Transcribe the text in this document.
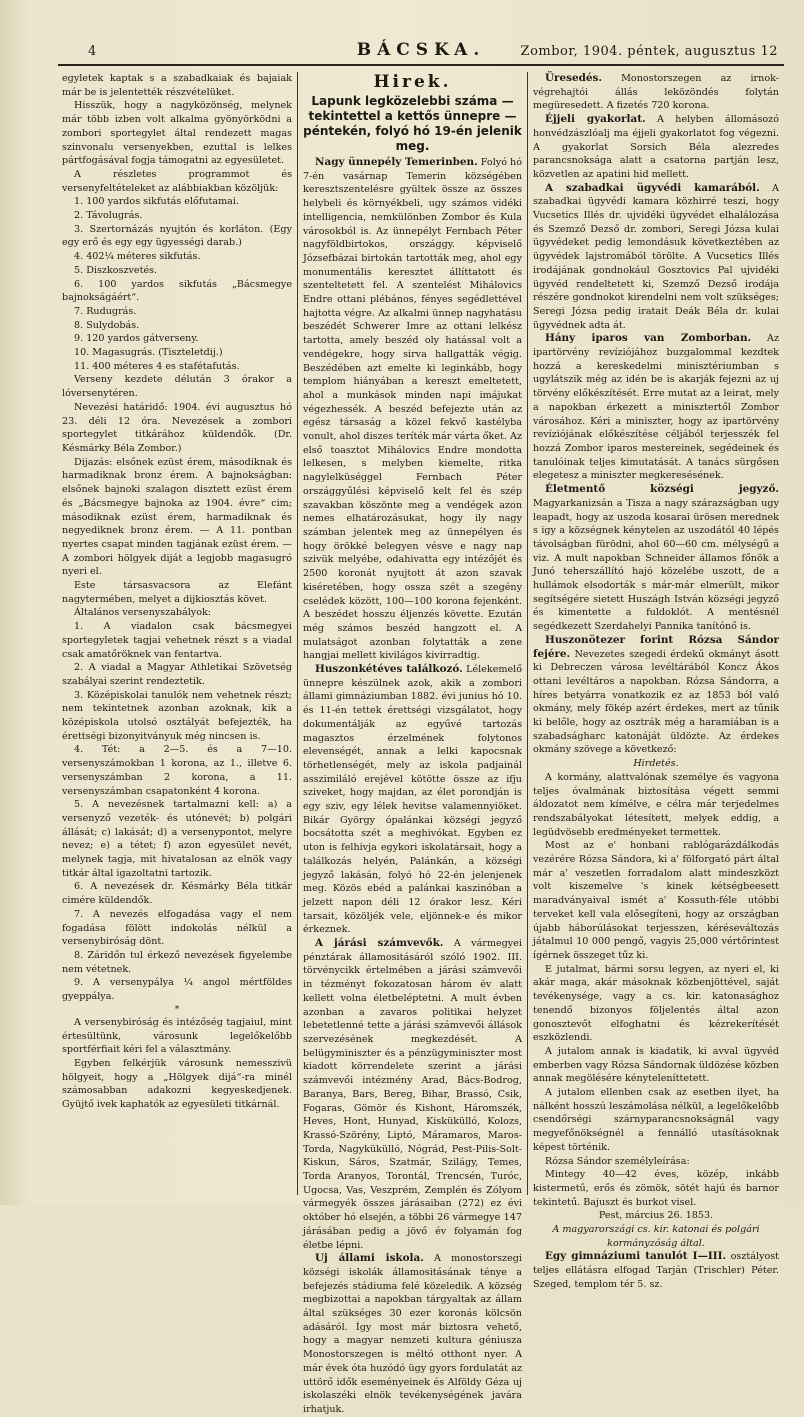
4	BÁCSKA.	Zombor, 1904. péntek, augusztus 12

egyletek kaptak s a szabadkaiak és bajaiak már be is jelentették részvételüket.

Hisszük, hogy a nagyközönség, melynek már több izben volt alkalma gyönyörködni a zombori sportegylet által rendezett magas szinvonalu versenyekben, ezuttal is lelkes pártfogásával fogja támogatni az egyesületet.

A részletes programmot és versenyfeltételeket az alábbiakban közöljük:

1. 100 yardos sikfutás előfutamai.

2. Távolugrás.

3. Szertornázás nyujtón és korláton. (Egy egy erő és egy egy ügyességi darab.)

4. 402¼ méteres sikfutás.

5. Diszkoszvetés.

6. 100 yardos sikfutás „Bácsmegye bajnokságáért“.

7. Rudugrás.

8. Sulydobás.

9. 120 yardos gátverseny.

10. Magasugrás. (Tiszteletdij.)

11. 400 méteres 4 es stafétafutás.

Verseny kezdete délután 3 órakor a lóversenytéren.

Nevezési határidő: 1904. évi augusztus hó 23. déli 12 óra. Nevezések a zombori sportegylet titkárához küldendők. (Dr. Késmárky Béla Zombor.)

Dijazás: elsőnek ezüst érem, másodiknak és harmadiknak bronz érem. A bajnokságban: elsőnek bajnoki szalagon disztett ezüst érem és „Bácsmegye bajnoka az 1904. évre“ cim; másodiknak ezüst érem, harmadiknak és negyediknek bronz érem. — A 11. pontban nyertes csapat minden tagjának ezüst érem. — A zombori hölgyek diját a legjobb magasugró nyeri el.

Este társasvacsora az Elefánt nagytermében, melyet a dijkiosztás követ.

Általános versenyszabályok:

1. A viadalon csak bácsmegyei sportegyletek tagjai vehetnek részt s a viadal csak amatőröknek van fentartva.

2. A viadal a Magyar Athletikai Szövetség szabályai szerint rendeztetik.

3. Középiskolai tanulók nem vehetnek részt; nem tekintetnek azonban azoknak, kik a középiskola utolsó osztályát befejezték, ha érettségi bizonyitványuk még nincsen is.

4. Tét: a 2—5. és a 7—10. versenyszámokban 1 korona, az 1., illetve 6. versenyszámban 2 korona, a 11. versenyszámban csapatonként 4 korona.

5. A nevezésnek tartalmazni kell: a) a versenyző vezeték- és utónevét; b) polgári állását; c) lakását; d) a versenypontot, melyre nevez; e) a tétet; f) azon egyesület nevét, melynek tagja, mit hivatalosan az elnök vagy titkár által igazoltatni tartozik.

6. A nevezések dr. Késmárky Béla titkár cimére küldendők.

7. A nevezés elfogadása vagy el nem fogadása fölött indokolás nélkül a versenybiróság dönt.

8. Záridőn tul érkező nevezések figyelembe nem vétetnek.

9. A versenypálya ¼ angol mértföldes gyeppálya.

*

A versenybiróság és intézőség tagjaiul, mint értesültünk, városunk legelőkelőbb sportférfiait kéri fel a választmány.

Egyben felkérjük városunk nemesszivü hölgyeit, hogy a „Hölgyek dijá“-ra minél számosabban adakozni kegyeskedjenek. Gyüjtő ivek kaphatók az egyesületi titkárnál.

Hirek.
Lapunk legközelebbi száma — tekintettel a kettős ünnepre — péntekén, folyó hó 19-én jelenik meg.

Nagy ünnepély Temerinben. Folyó hó 7-én vasárnap Temerin községében keresztszentelésre gyültek össze az összes helybeli és környékbeli, ugy számos vidéki intelligencia, nemkülönben Zombor és Kula városokból is. Az ünnepélyt Fernbach Péter nagyföldbirtokos, országgy. képviselő Józsefbázai birtokán tartották meg, ahol egy monumentális keresztet állíttatott és szenteltetett fel. A szentelést Mihálovics Endre ottani plébános, fényes segédlettével hajtotta végre. Az alkalmi ünnep nagyhatásu beszédét Schwerer Imre az ottani lelkész tartotta, amely beszéd oly hatással volt a vendégekre, hogy sirva hallgatták végig. Beszédében azt emelte ki leginkább, hogy templom hiányában a kereszt emeltetett, ahol a munkások minden napi imájukat végezhessék. A beszéd befejezte után az egész társaság a közel fekvő kastélyba vonult, ahol diszes teríték már várta őket. Az első toasztot Mihálovics Endre mondotta lelkesen, s melyben kiemelte, ritka nagylelküséggel Fernbach Péter országgyűlési képviselő kelt fel és szép szavakban köszönte meg a vendégek azon nemes elhatározásukat, hogy ily nagy számban jelentek meg az ünnepélyen és hogy örökké belegyen vésve e nagy nap szivük melyébe, odahivatta egy intézőjét és 2500 koronát nyujtott át azon szavak kiséretében, hogy ossza szét a szegény cselédek között, 100—100 korona fejenként. A beszédet hosszu éljenzés követte. Ezután még számos beszéd hangzott el. A mulatságot azonban folytatták a zene hangjai mellett kivilágos kivirradtig.

Huszonkétéves találkozó. Lélekemelő ünnepre készülnek azok, akik a zombori állami gimnáziumban 1882. évi junius hó 10. és 11-én tettek érettségi vizsgálatot, hogy dokumentálják az egyűvé tartozás magasztos érzelmének folytonos elevenségét, annak a lelki kapocsnak törhetlenségét, mely az iskola padjainál asszimiláló erejével kötötte össze az ifju sziveket, hogy majdan, az élet porondján is egy sziv, egy lélek hevitse valamennyiöket. Bikár György ópalánkai községi jegyző bocsátotta szét a meghivókat. Egyben ez uton is felhivja egykori iskolatársait, hogy a találkozás helyén, Palánkán, a községi jegyző lakásán, folyó hó 22-én jelenjenek meg. Közös ebéd a palánkai kaszinóban a jelzett napon déli 12 órakor lesz. Kéri tarsait, közöljék vele, eljönnek-e és mikor érkeznek.

A járási számvevők. A vármegyei pénztárak államositásáról szóló 1902. III. törvénycikk értelmében a járási számvevői in tézményt fokozatosan három év alatt kellett volna életbeléptetni. A mult évben azonban a zavaros politikai helyzet lebetetlenné tette a járási számvevői állások szervezésének megkezdését. A belügyminiszter és a pénzügyminiszter most kiadott körrendelete szerint a járási számvevői intézmény Arad, Bács-Bodrog, Baranya, Bars, Bereg, Bihar, Brassó, Csik, Fogaras, Gömör és Kishont, Háromszék, Heves, Hont, Hunyad, Kiskükülló, Kolozs, Krassó-Szörény, Liptó, Máramaros, Maros-Torda, Nagykükülló, Nógrád, Pest-Pilis-Solt-Kiskun, Sáros, Szatmár, Szilágy, Temes, Torda Aranyos, Torontál, Trencsén, Turóc, Ugocsa, Vas, Veszprém, Zemplén és Zólyom vármegyék összes járásaiban (272) ez évi október hó elsején, a többi 26 vármegye 147 járásában pedig a jövő év folyamán fog életbe lépni.

Uj állami iskola. A monostorszegi községi iskolák államositásának ténye a befejezés stádiuma felé közeledik. A község megbizottai a napokban tárgyaltak az állam által szükséges 30 ezer koronás kölcsön adásáról. Így most már biztosra vehető, hogy a magyar nemzeti kultura géniusza Monostorszegen is méltó otthont nyer. A már évek óta huzódó ügy gyors fordulatát az uttörő idők eseményeinek és Alföldy Géza uj iskolaszéki elnök tevékenységének javára irhatjuk.

Üresedés. Monostorszegen az irnok-végrehajtói állás leközöndés folytán megüresedett. A fizetés 720 korona.

Éjjeli gyakorlat. A helyben állomásozó honvédzászlóalj ma éjjeli gyakorlatot fog végezni. A gyakorlat Sorsich Béla alezredes parancsnoksága alatt a csatorna partján lesz, közvetlen az apatini hid mellett.

A szabadkai ügyvédi kamarából. A szabadkai ügyvédi kamara közhirré teszi, hogy Vucsetics Illés dr. ujvidéki ügyvédet elhalálozása és Szemző Dezső dr. zombori, Seregi Józsa kulai ügyvédeket pedig lemondásuk következtében az ügyvédek lajstromából törölte. A Vucsetics Illés irodájának gondnokául Gosztovics Pal ujvidéki ügyvéd rendeltetett ki, Szemző Dezső irodája részére gondnokot kirendelni nem volt szükséges; Seregi Józsa pedig iratait Deák Béla dr. kulai ügyvédnek adta át.

Hány iparos van Zomborban. Az ipartörvény revíziójához buzgalommal kezdtek hozzá a kereskedelmi minisztériumban s ugylátszik még az idén be is akarják fejezni az uj törvény előkészítését. Erre mutat az a leirat, mely a napokban érkezett a minisztertől Zombor városához. Kéri a miniszter, hogy az ipartörvény revíziójának előkészítése céljából terjesszék fel hozzá Zombor iparos mestereinek, segédeinek és tanulóinak teljes kimutatását. A tanács sürgősen elegetesz a miniszter megkeresésének.

Életmentő községi jegyző. Magyarkanizsán a Tisza a nagy szárazságban ugy leapadt, hogy az uszoda kosarai ürösen merednek s igy a községnek kénytelen az uszodától 40 lépés távolságban fürödni, ahol 60—60 cm. mélységű a viz. A mult napokban Schneider államos főnök a Junó teherszállító hajó közelébe uszott, de a hullámok elsodorták s már-már elmerült, mikor segítségére sietett Huszágh István községi jegyző és kimentette a fuldoklót. A mentésnél segédkezett Szerdahelyi Pannika tanítónő is.

Huszonötezer forint Rózsa Sándor fejére. Nevezetes szegedi érdekű okmányt ásott ki Debreczen városa levéltárából Koncz Ákos ottani levéltáros a napokban. Rózsa Sándorra, a híres betyárra vonatkozik ez az 1853 ból való okmány, mely fökép azért érdekes, mert az tűnik ki belőle, hogy az osztrák még a haramiában is a szabadságharc katonáját üldözte. Az érdekes okmány szövege a következő:

Hirdetés.

A kormány, alattvalónak személye és vagyona teljes óvalmának biztosítása végett semmi áldozatot nem kímélve, e célra már terjedelmes rendszabályokat létesített, melyek eddig, a legüdvösebb eredményeket termettek.

Most az e' honbani rablógarázdálkodás vezérére Rózsa Sándora, ki a' fölforgató párt által már a' veszetlen forradalom alatt mindeszközt volt kiszemelve 's kinek kétségbeesett maradványaival ismét a' Kossuth-féle utóbbi terveket kell vala elősegíteni, hogy az országban újabb háborúlásokat terjesszen, kéréseváltozás játalmul 10 000 pengő, vagyis 25,000 vértőrintest ígérnek összeget tűz ki.

E jutalmat, bármi sorsu legyen, az nyeri el, ki akár maga, akár másoknak közbenjöttével, saját tevékenysége, vagy a cs. kir. katonasághoz tenendő bizonyos följelentés által azon gonosztevőt elfoghatni és kézrekerítését eszközlendi.

A jutalom annak is kiadatik, ki avval ügyvéd emberben vagy Rózsa Sándornak üldözése közben annak megölésére kényteleníttetett.

A jutalom ellenben csak az esetben ilyet, ha nálként hosszú leszámolása nélkül, a legelőkelőbb csendőrségi szárnyparancsnokságnál vagy megyefőnökségnél a fennálló utasításoknak képest történik.

Rózsa Sándor személyleírása:

Mintegy 40—42 éves, közép, inkább kistermetű, erős és zömök, sötét hajú és barnor tekintetű. Bajuszt és burkot visel.

Pest, március 26. 1853.

A magyarországi cs. kir. katonai és polgári kormányzóság által.

Egy gimnáziumi tanulót I—III. osztályost teljes ellátásra elfogad Tarján (Trischler) Péter. Szeged, templom tér 5. sz.
